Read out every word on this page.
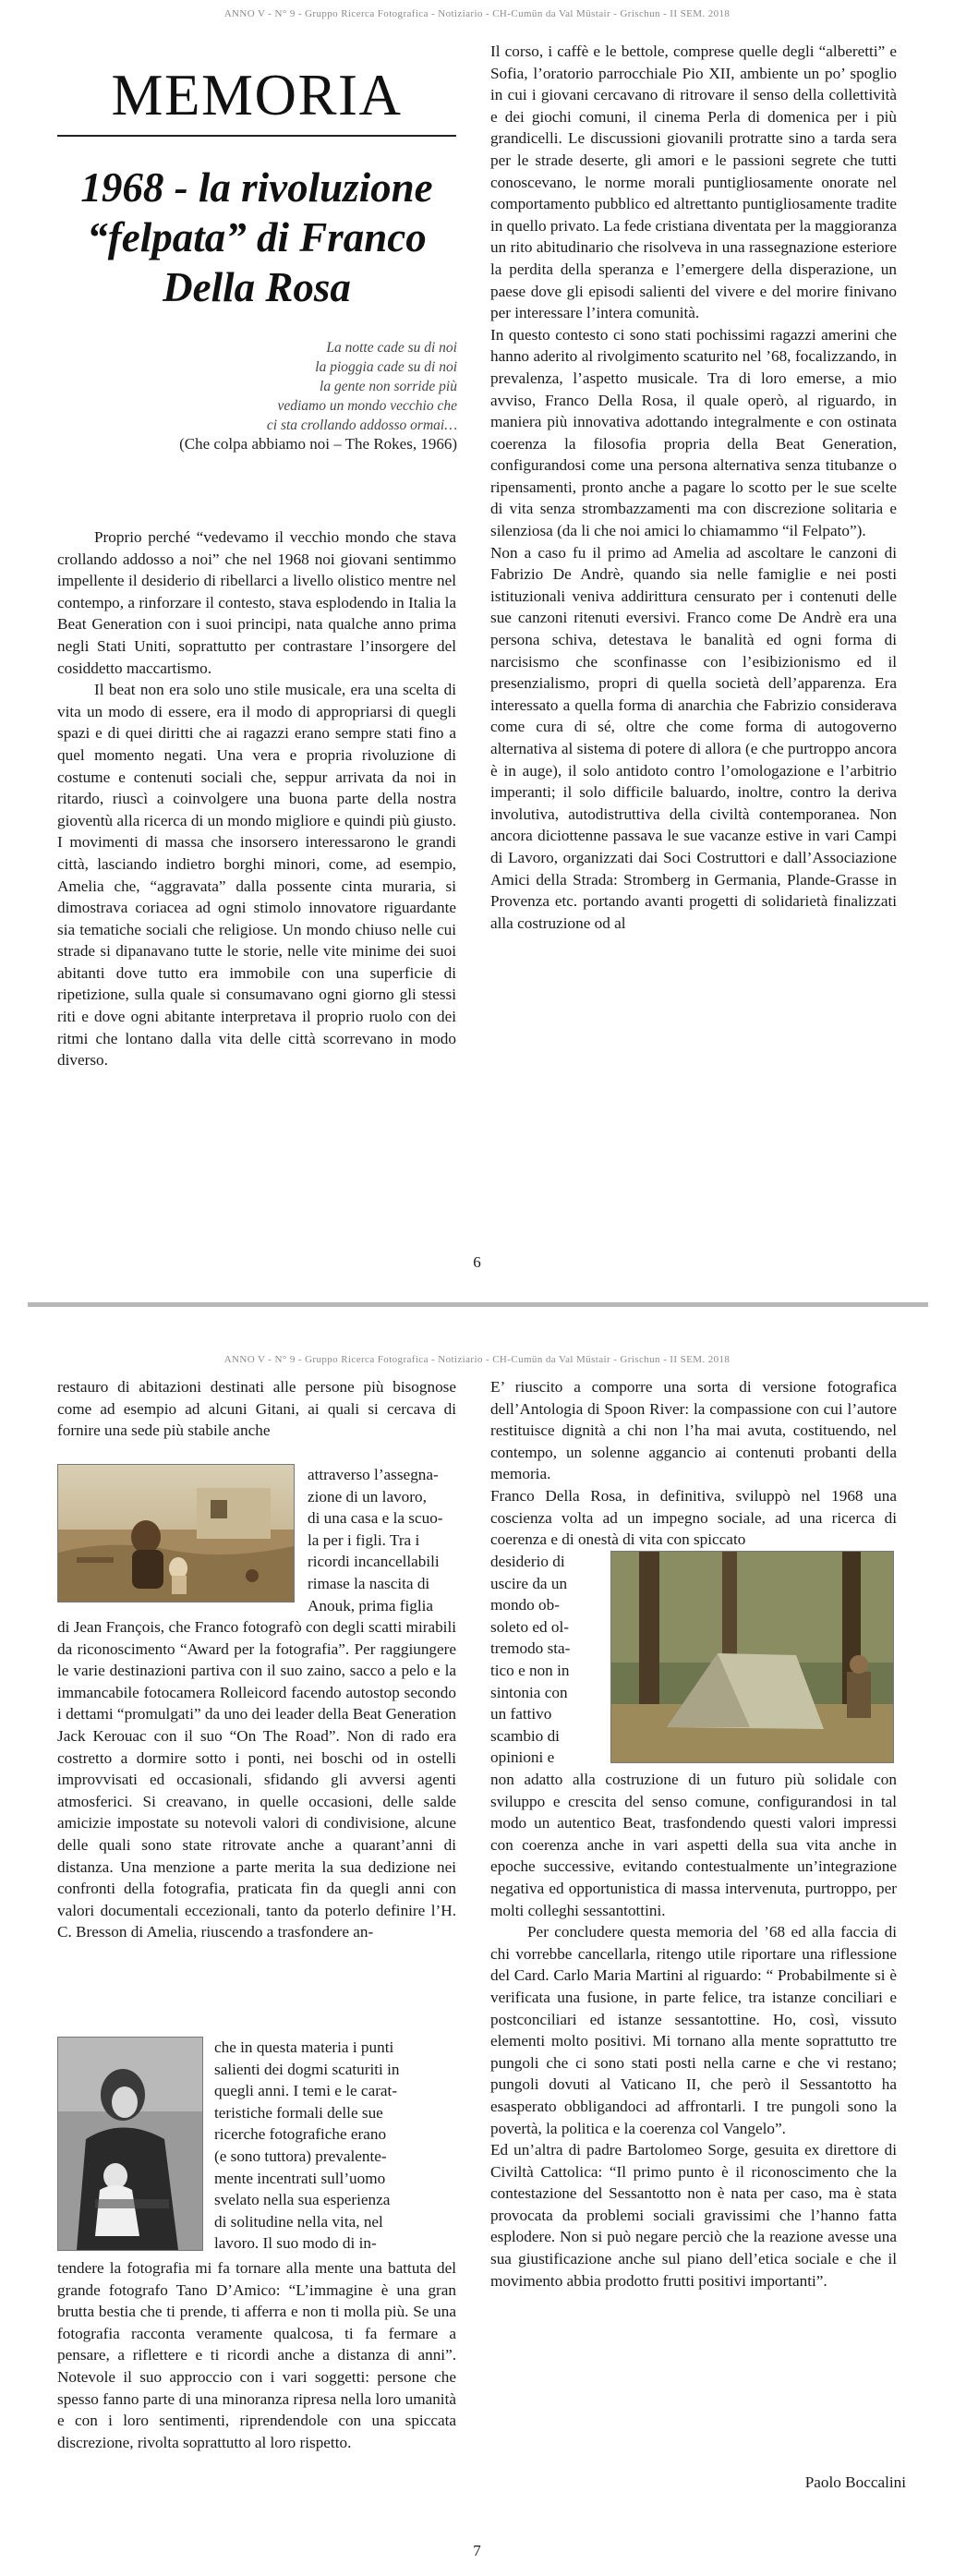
ANNO V - N° 9 - Gruppo Ricerca Fotografica - Notiziario - CH-Cumün da Val Müstair - Grischun - II SEM. 2018
MEMORIA
1968 - la rivoluzione “felpata” di Franco Della Rosa
La notte cade su di noi
la pioggia cade su di noi
la gente non sorride più
vediamo un mondo vecchio che
ci sta crollando addosso ormai…
(Che colpa abbiamo noi – The Rokes, 1966)

Proprio perché “vedevamo il vecchio mondo che stava crollando addosso a noi” che nel 1968 noi giovani sentimmo impellente il desiderio di ribellarci a livello olistico mentre nel contempo, a rinforzare il contesto, stava esplodendo in Italia la Beat Generation con i suoi principi, nata qualche anno prima negli Stati Uniti, soprattutto per contrastare l’insorgere del cosiddetto maccartismo.

Il beat non era solo uno stile musicale, era una scelta di vita un modo di essere, era il modo di appropriarsi di quegli spazi e di quei diritti che ai ragazzi erano sempre stati fino a quel momento negati. Una vera e propria rivoluzione di costume e contenuti sociali che, seppur arrivata da noi in ritardo, riuscì a coinvolgere una buona parte della nostra gioventù alla ricerca di un mondo migliore e quindi più giusto. I movimenti di massa che insorsero interessarono le grandi città, lasciando indietro borghi minori, come, ad esempio, Amelia che, “aggravata” dalla possente cinta muraria, si dimostrava coriacea ad ogni stimolo innovatore riguardante sia tematiche sociali che religiose. Un mondo chiuso nelle cui strade si dipanavano tutte le storie, nelle vite minime dei suoi abitanti dove tutto era immobile con una superficie di ripetizione, sulla quale si consumavano ogni giorno gli stessi riti e dove ogni abitante interpretava il proprio ruolo con dei ritmi che lontano dalla vita delle città scorrevano in modo diverso.

Il corso, i caffè e le bettole, comprese quelle degli “alberetti” e Sofia, l’oratorio parrocchiale Pio XII, ambiente un po’ spoglio in cui i giovani cercavano di ritrovare il senso della collettività e dei giochi comuni, il cinema Perla di domenica per i più grandicelli. Le discussioni giovanili protratte sino a tarda sera per le strade deserte, gli amori e le passioni segrete che tutti conoscevano, le norme morali puntigliosamente onorate nel comportamento pubblico ed altrettanto puntigliosamente tradite in quello privato. La fede cristiana diventata per la maggioranza un rito abitudinario che risolveva in una rassegnazione esteriore la perdita della speranza e l’emergere della disperazione, un paese dove gli episodi salienti del vivere e del morire finivano per interessare l’intera comunità.

In questo contesto ci sono stati pochissimi ragazzi amerini che hanno aderito al rivolgimento scaturito nel ’68, focalizzando, in prevalenza, l’aspetto musicale. Tra di loro emerse, a mio avviso, Franco Della Rosa, il quale operò, al riguardo, in maniera più innovativa adottando integralmente e con ostinata coerenza la filosofia propria della Beat Generation, configurandosi come una persona alternativa senza titubanze o ripensamenti, pronto anche a pagare lo scotto per le sue scelte di vita senza strombazzamenti ma con discrezione solitaria e silenziosa (da li che noi amici lo chiamammo “il Felpato”).

Non a caso fu il primo ad Amelia ad ascoltare le canzoni di Fabrizio De Andrè, quando sia nelle famiglie e nei posti istituzionali veniva addirittura censurato per i contenuti delle sue canzoni ritenuti eversivi. Franco come De Andrè era una persona schiva, detestava le banalità ed ogni forma di narcisismo che sconfinasse con l’esibizionismo ed il presenzialismo, propri di quella società dell’apparenza. Era interessato a quella forma di anarchia che Fabrizio considerava come cura di sé, oltre che come forma di autogoverno alternativa al sistema di potere di allora (e che purtroppo ancora è in auge), il solo antidoto contro l’omologazione e l’arbitrio imperanti; il solo difficile baluardo, inoltre, contro la deriva involutiva, autodistruttiva della civiltà contemporanea. Non ancora diciottenne passava le sue vacanze estive in vari Campi di Lavoro, organizzati dai Soci Costruttori e dall’Associazione Amici della Strada: Stromberg in Germania, Plande-Grasse in Provenza etc. portando avanti progetti di solidarietà finalizzati alla costruzione od al

6
ANNO V - N° 9 - Gruppo Ricerca Fotografica - Notiziario - CH-Cumün da Val Müstair - Grischun - II SEM. 2018

restauro di abitazioni destinati alle persone più bisognose come ad esempio ad alcuni Gitani, ai quali si cercava di fornire una sede più stabile anche

attraverso l’assegna-
zione di un lavoro,
di una casa e la scuo-
la per i figli. Tra i
ricordi incancellabili
rimase la nascita di
Anouk, prima figlia

di Jean François, che Franco fotografò con degli scatti mirabili da riconoscimento “Award per la fotografia”. Per raggiungere le varie destinazioni partiva con il suo zaino, sacco a pelo e la immancabile fotocamera Rolleicord facendo autostop secondo i dettami “promulgati” da uno dei leader della Beat Generation Jack Kerouac con il suo “On The Road”. Non di rado era costretto a dormire sotto i ponti, nei boschi od in ostelli improvvisati ed occasionali, sfidando gli avversi agenti atmosferici. Si creavano, in quelle occasioni, delle salde amicizie impostate su notevoli valori di condivisione, alcune delle quali sono state ritrovate anche a quarant’anni di distanza. Una menzione a parte merita la sua dedizione nei confronti della fotografia, praticata fin da quegli anni con valori documentali eccezionali, tanto da poterlo definire l’H. C. Bresson di Amelia, riuscendo a trasfondere an-

che in questa materia i punti
salienti dei dogmi scaturiti in
quegli anni. I temi e le carat-
teristiche formali delle sue
ricerche fotografiche erano
(e sono tuttora) prevalente-
mente incentrati sull’uomo
svelato nella sua esperienza
di solitudine nella vita, nel
lavoro. Il suo modo di in-

tendere la fotografia mi fa tornare alla mente una battuta del grande fotografo Tano D’Amico: “L’immagine è una gran brutta bestia che ti prende, ti afferra e non ti molla più. Se una fotografia racconta veramente qualcosa, ti fa fermare a pensare, a riflettere e ti ricordi anche a distanza di anni”. Notevole il suo approccio con i vari soggetti: persone che spesso fanno parte di una minoranza ripresa nella loro umanità e con i loro sentimenti, riprendendole con una spiccata discrezione, rivolta soprattutto al loro rispetto.

E’ riuscito a comporre una sorta di versione fotografica dell’Antologia di Spoon River: la compassione con cui l’autore restituisce dignità a chi non l’ha mai avuta, costituendo, nel contempo, un solenne aggancio ai contenuti probanti della memoria.

Franco Della Rosa, in definitiva, sviluppò nel 1968 una coscienza volta ad un impegno sociale, ad una ricerca di coerenza e di onestà di vita con spiccato

desiderio di
uscire da un
mondo ob-
soleto ed ol-
tremodo sta-
tico e non in
sintonia con
un fattivo
scambio di
opinioni e

non adatto alla costruzione di un futuro più solidale con sviluppo e crescita del senso comune, configurandosi in tal modo un autentico Beat, trasfondendo questi valori impressi con coerenza anche in vari aspetti della sua vita anche in epoche successive, evitando contestualmente un’integrazione negativa ed opportunistica di massa intervenuta, purtroppo, per molti colleghi sessantottini.

Per concludere questa memoria del ’68 ed alla faccia di chi vorrebbe cancellarla, ritengo utile riportare una riflessione del Card. Carlo Maria Martini al riguardo: “ Probabilmente si è verificata una fusione, in parte felice, tra istanze conciliari e postconciliari ed istanze sessantottine. Ho, così, vissuto elementi molto positivi. Mi tornano alla mente soprattutto tre pungoli che ci sono stati posti nella carne e che vi restano; pungoli dovuti al Vaticano II, che però il Sessantotto ha esasperato obbligandoci ad affrontarli. I tre pungoli sono la povertà, la politica e la coerenza col Vangelo”.

Ed un’altra di padre Bartolomeo Sorge, gesuita ex direttore di Civiltà Cattolica: “Il primo punto è il riconoscimento che la contestazione del Sessantotto non è nata per caso, ma è stata provocata da problemi sociali gravissimi che l’hanno fatta esplodere. Non si può negare perciò che la reazione avesse una sua giustificazione anche sul piano dell’etica sociale e che il movimento abbia prodotto frutti positivi importanti”.

Paolo Boccalini
7
